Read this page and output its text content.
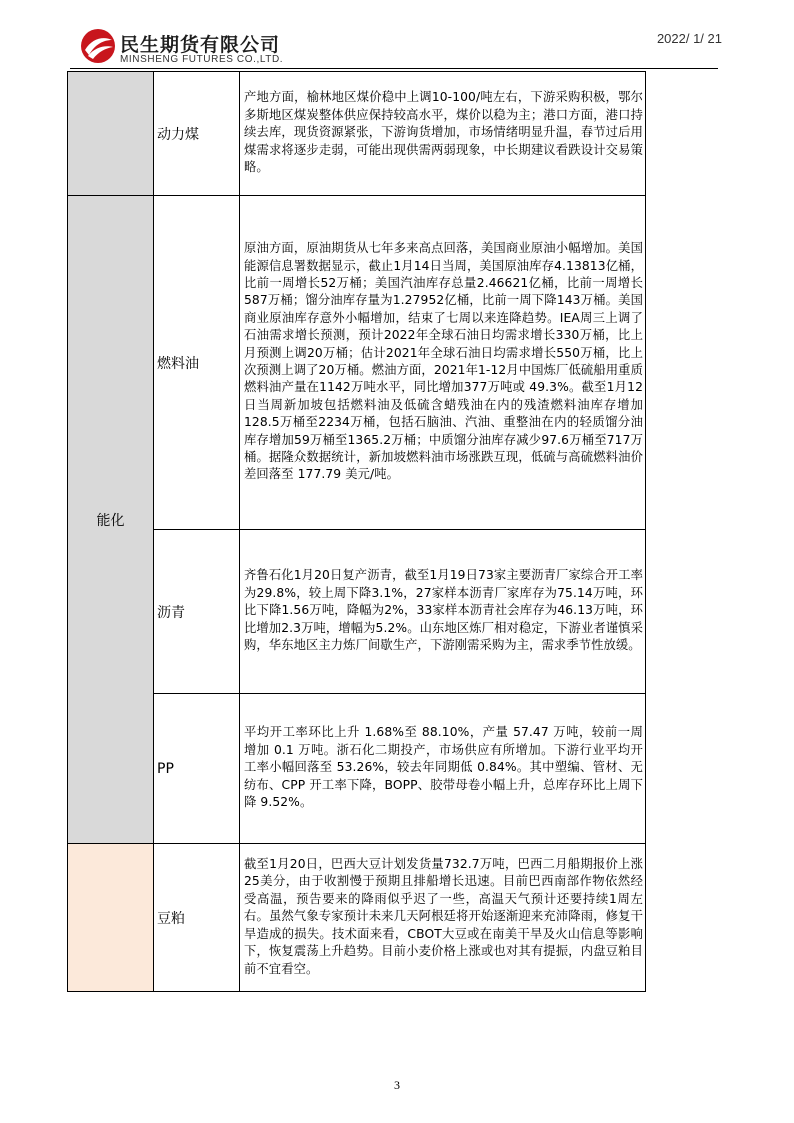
民生期货有限公司
MINSHENG FUTURES CO.,LTD.
2022/ 1/ 21
	动力煤	产地方面，榆林地区煤价稳中上调10-100/吨左右，下游采购积极，鄂尔多斯地区煤炭整体供应保持较高水平，煤价以稳为主；港口方面，港口持续去库，现货资源紧张，下游询货增加，市场情绪明显升温，春节过后用煤需求将逐步走弱，可能出现供需两弱现象，中长期建议看跌设计交易策略。
能化	燃料油	原油方面，原油期货从七年多来高点回落，美国商业原油小幅增加。美国能源信息署数据显示，截止1月14日当周，美国原油库存4.13813亿桶，比前一周增长52万桶；美国汽油库存总量2.46621亿桶，比前一周增长587万桶；馏分油库存量为1.27952亿桶，比前一周下降143万桶。美国商业原油库存意外小幅增加，结束了七周以来连降趋势。IEA周三上调了石油需求增长预测，预计2022年全球石油日均需求增长330万桶，比上月预测上调20万桶；估计2021年全球石油日均需求增长550万桶，比上次预测上调了20万桶。燃油方面，2021年1-12月中国炼厂低硫船用重质燃料油产量在1142万吨水平，同比增加377万吨或 49.3%。截至1月12日当周新加坡包括燃料油及低硫含蜡残油在内的残渣燃料油库存增加128.5万桶至2234万桶，包括石脑油、汽油、重整油在内的轻质馏分油库存增加59万桶至1365.2万桶；中质馏分油库存减少97.6万桶至717万桶。据隆众数据统计，新加坡燃料油市场涨跌互现，低硫与高硫燃料油价差回落至 177.79 美元/吨。
	沥青	齐鲁石化1月20日复产沥青，截至1月19日73家主要沥青厂家综合开工率为29.8%，较上周下降3.1%，27家样本沥青厂家库存为75.14万吨，环比下降1.56万吨，降幅为2%，33家样本沥青社会库存为46.13万吨，环比增加2.3万吨，增幅为5.2%。山东地区炼厂相对稳定，下游业者谨慎采购，华东地区主力炼厂间歇生产，下游刚需采购为主，需求季节性放缓。
	PP	平均开工率环比上升 1.68%至 88.10%，产量 57.47 万吨，较前一周增加 0.1 万吨。浙石化二期投产，市场供应有所增加。下游行业平均开工率小幅回落至 53.26%，较去年同期低 0.84%。其中塑编、管材、无纺布、CPP 开工率下降，BOPP、胶带母卷小幅上升，总库存环比上周下降 9.52%。
	豆粕	截至1月20日，巴西大豆计划发货量732.7万吨，巴西二月船期报价上涨25美分，由于收割慢于预期且排船增长迅速。目前巴西南部作物依然经受高温，预告要来的降雨似乎迟了一些，高温天气预计还要持续1周左右。虽然气象专家预计未来几天阿根廷将开始逐渐迎来充沛降雨，修复干旱造成的损失。技术面来看，CBOT大豆或在南美干旱及火山信息等影响下，恢复震荡上升趋势。目前小麦价格上涨或也对其有提振，内盘豆粕目前不宜看空。
3
